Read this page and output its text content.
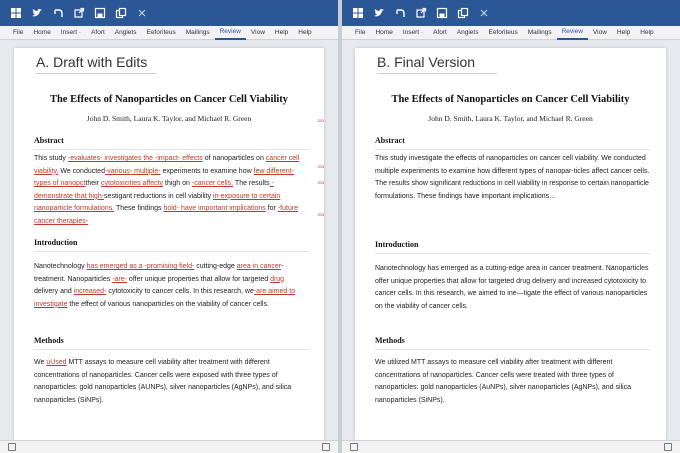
File	Home	Insert ·	Afort	Angiets	Eeforiteus	Mailings	Review	Viow	Help	Help
A. Draft with Edits
The Effects of Nanoparticles on Cancer Cell Viability
John D. Smith, Laura K. Taylor, and Michael R. Green	333
Abstract
This study -evaluates- investigates the -impact- effects of nanoparticles on cancer cell viability. We conducted-various- multiple- experiments to examine how few different-types of nanopcttheir cytotoxicities affecty thigh on -cancer cells. The results -demonstrate that high-sestigant reductions in cell viability in-exposure to certain nanoparticle formulations. These findings hold- have important implications for -future cancer therapies-
333
333
333
Introduction
Nanotechnology has emerged as a -promising field- cutting-edge area in cancer-treatment. Nanoparticles -are- offer unique properties that allow for targeted drug delivery and increased- cytotoxicity to cancer cells. In this research, we-are aimed to investigate the effect of various nanoparticles on the viability of cancer cells.
Methods
We uUsed MTT assays to measure cell viability after treatment with different concentrations of nanoparticles. Cancer cells were exposed with three types of nanoparticles: gold nanoparticles (AUNPs), silver nanoparticles (AgNPs), and silica nanoparticles (SiNPs).
File	Home	Insert ·	Afort	Angiets	Eeforiteus	Mailings	Review	Viow	Help	Help
B. Final Version
The Effects of Nanoparticles on Cancer Cell Viability
John D. Smith, Laura K. Taylor, and Michael R. Green
Abstract
This study investigate the effects of nanoparticles on cancer cell viability. We conducted multiple experiments to examine how different types of nanopar-ticles affect cancer cells. The results show significant reductions in cell viability in response to certain nanoparticle formulations. These findings have important implications...
Introduction
Nanotechnology has emerged as a cutting-edge area in cancer treatment. Nanoparticles offer unique properties that allow for targeted drug delivery and increased cytotoxicity to cancer cells. In this research, we aimed to ine—tigate the effect of various nanoparticles on the viability of cancer cells.
Methods
We utilized MTT assays to measure cell viability after treatment with different concentrations of nanoparticles. Cancer cells were treated with three types of nanoparticles: gold nanoparticles (AuNPs), silver nanoparticles (AgNPs), and silica nanoparticles (SiNPs).
